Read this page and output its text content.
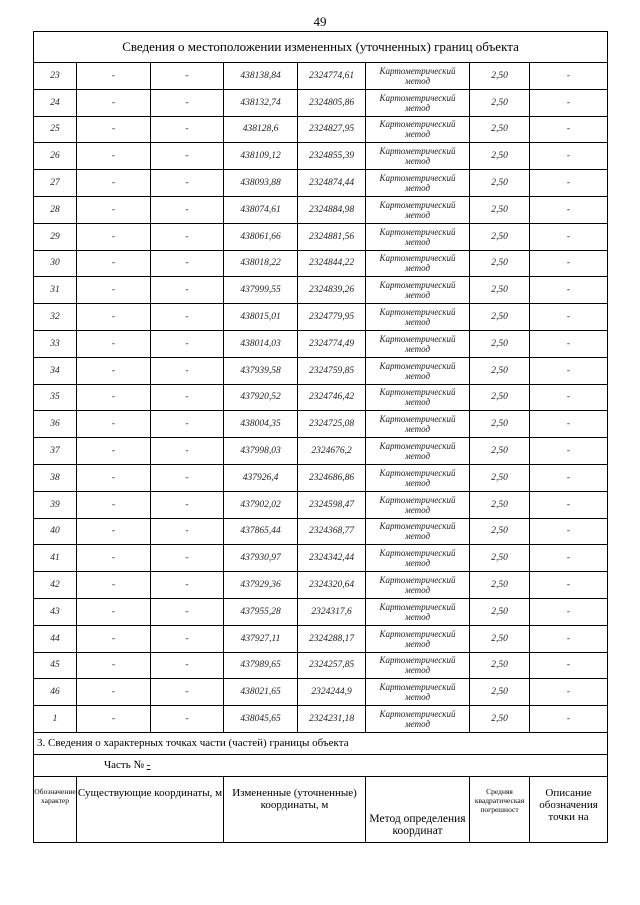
49
Сведения о местоположении измененных (уточненных) границ объекта							
23	-	-	438138,84	2324774,61	Картометрический метод	2,50	-
24	-	-	438132,74	2324805,86	Картометрический метод	2,50	-
25	-	-	438128,6	2324827,95	Картометрический метод	2,50	-
26	-	-	438109,12	2324855,39	Картометрический метод	2,50	-
27	-	-	438093,88	2324874,44	Картометрический метод	2,50	-
28	-	-	438074,61	2324884,98	Картометрический метод	2,50	-
29	-	-	438061,66	2324881,56	Картометрический метод	2,50	-
30	-	-	438018,22	2324844,22	Картометрический метод	2,50	-
31	-	-	437999,55	2324839,26	Картометрический метод	2,50	-
32	-	-	438015,01	2324779,95	Картометрический метод	2,50	-
33	-	-	438014,03	2324774,49	Картометрический метод	2,50	-
34	-	-	437939,58	2324759,85	Картометрический метод	2,50	-
35	-	-	437920,52	2324746,42	Картометрический метод	2,50	-
36	-	-	438004,35	2324725,08	Картометрический метод	2,50	-
37	-	-	437998,03	2324676,2	Картометрический метод	2,50	-
38	-	-	437926,4	2324686,86	Картометрический метод	2,50	-
39	-	-	437902,02	2324598,47	Картометрический метод	2,50	-
40	-	-	437865,44	2324368,77	Картометрический метод	2,50	-
41	-	-	437930,97	2324342,44	Картометрический метод	2,50	-
42	-	-	437929,36	2324320,64	Картометрический метод	2,50	-
43	-	-	437955,28	2324317,6	Картометрический метод	2,50	-
44	-	-	437927,11	2324288,17	Картометрический метод	2,50	-
45	-	-	437989,65	2324257,85	Картометрический метод	2,50	-
46	-	-	438021,65	2324244,9	Картометрический метод	2,50	-
1	-	-	438045,65	2324231,18	Картометрический метод	2,50	-
3. Сведения о характерных точках части (частей) границы объекта							
Часть № -							

Обозначение характер	Существующие координаты, м		Измененные (уточненные) координаты, м		Метод определения координат	Средняя квадратическая погрешност	Описание обозначения точки на
